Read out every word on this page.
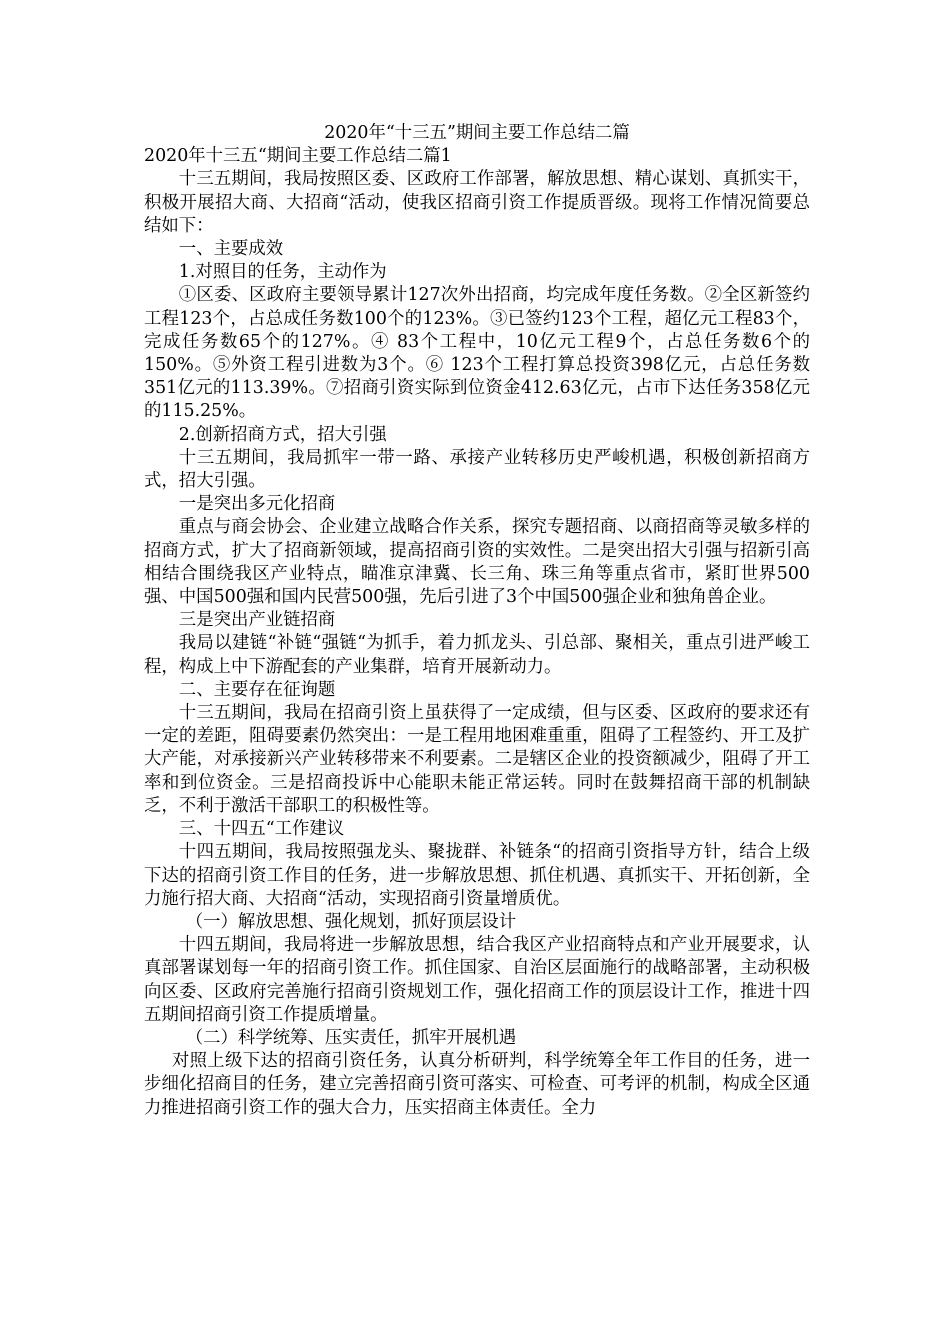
2020年“十三五”期间主要工作总结二篇

2020年十三五“期间主要工作总结二篇1

十三五期间，我局按照区委、区政府工作部署，解放思想、精心谋划、真抓实干，积极开展招大商、大招商“活动，使我区招商引资工作提质晋级。现将工作情况简要总结如下：

一、主要成效

1.对照目的任务，主动作为

①区委、区政府主要领导累计127次外出招商，均完成年度任务数。②全区新签约工程123个，占总成任务数100个的123%。③已签约123个工程，超亿元工程83个，完成任务数65个的127%。④ 83个工程中，10亿元工程9个，占总任务数6个的150%。⑤外资工程引进数为3个。⑥ 123个工程打算总投资398亿元，占总任务数351亿元的113.39%。⑦招商引资实际到位资金412.63亿元，占市下达任务358亿元的115.25%。

2.创新招商方式，招大引强

十三五期间，我局抓牢一带一路、承接产业转移历史严峻机遇，积极创新招商方式，招大引强。

一是突出多元化招商

重点与商会协会、企业建立战略合作关系，探究专题招商、以商招商等灵敏多样的招商方式，扩大了招商新领域，提高招商引资的实效性。二是突出招大引强与招新引高相结合围绕我区产业特点，瞄准京津冀、长三角、珠三角等重点省市，紧盯世界500强、中国500强和国内民营500强，先后引进了3个中国500强企业和独角兽企业。

三是突出产业链招商

我局以建链“补链“强链“为抓手，着力抓龙头、引总部、聚相关，重点引进严峻工程，构成上中下游配套的产业集群，培育开展新动力。

二、主要存在征询题

十三五期间，我局在招商引资上虽获得了一定成绩，但与区委、区政府的要求还有一定的差距，阻碍要素仍然突出：一是工程用地困难重重，阻碍了工程签约、开工及扩大产能，对承接新兴产业转移带来不利要素。二是辖区企业的投资额减少，阻碍了开工率和到位资金。三是招商投诉中心能职未能正常运转。同时在鼓舞招商干部的机制缺乏，不利于激活干部职工的积极性等。

三、十四五“工作建议

十四五期间，我局按照强龙头、聚拢群、补链条“的招商引资指导方针，结合上级下达的招商引资工作目的任务，进一步解放思想、抓住机遇、真抓实干、开拓创新，全力施行招大商、大招商“活动，实现招商引资量增质优。

（一）解放思想、强化规划，抓好顶层设计

十四五期间，我局将进一步解放思想，结合我区产业招商特点和产业开展要求，认真部署谋划每一年的招商引资工作。抓住国家、自治区层面施行的战略部署，主动积极向区委、区政府完善施行招商引资规划工作，强化招商工作的顶层设计工作，推进十四五期间招商引资工作提质增量。

（二）科学统筹、压实责任，抓牢开展机遇

对照上级下达的招商引资任务，认真分析研判，科学统筹全年工作目的任务，进一步细化招商目的任务，建立完善招商引资可落实、可检查、可考评的机制，构成全区通力推进招商引资工作的强大合力，压实招商主体责任。全力
